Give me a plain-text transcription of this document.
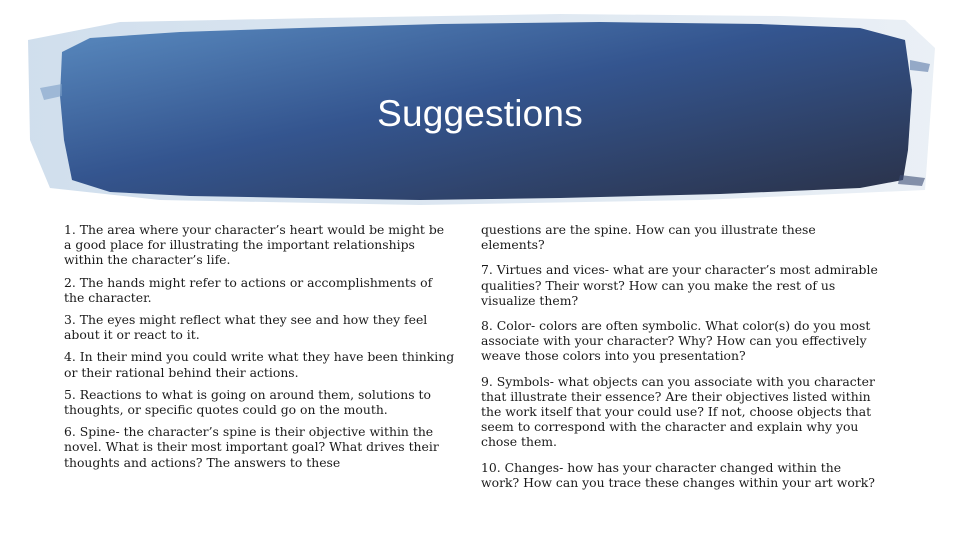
Suggestions

1. The area where your character’s heart would be might be
a good place for illustrating the important relationships within the character’s life.

2. The hands might refer to actions or accomplishments of the character.

3. The eyes might reflect what they see and how they feel about it or react to it.

4. In their mind you could write what they have been thinking or their rational behind their actions.

5. Reactions to what is going on around them, solutions to thoughts, or specific quotes could go on the mouth.

6. Spine- the character’s spine is their objective within the novel. What is their most important goal? What drives their thoughts and actions? The answers to these

questions are the spine. How can you illustrate these elements?

7. Virtues and vices- what are your character’s most admirable qualities? Their worst? How can you make the rest of us visualize them?

8. Color- colors are often symbolic. What color(s) do you most associate with your character? Why? How can you effectively weave those colors into you presentation?

9. Symbols- what objects can you associate with you character that illustrate their essence? Are their objectives listed within the work itself that your could use? If not, choose objects that seem to correspond with the character and explain why you chose them.

10. Changes- how has your character changed within the work? How can you trace these changes within your art work?
